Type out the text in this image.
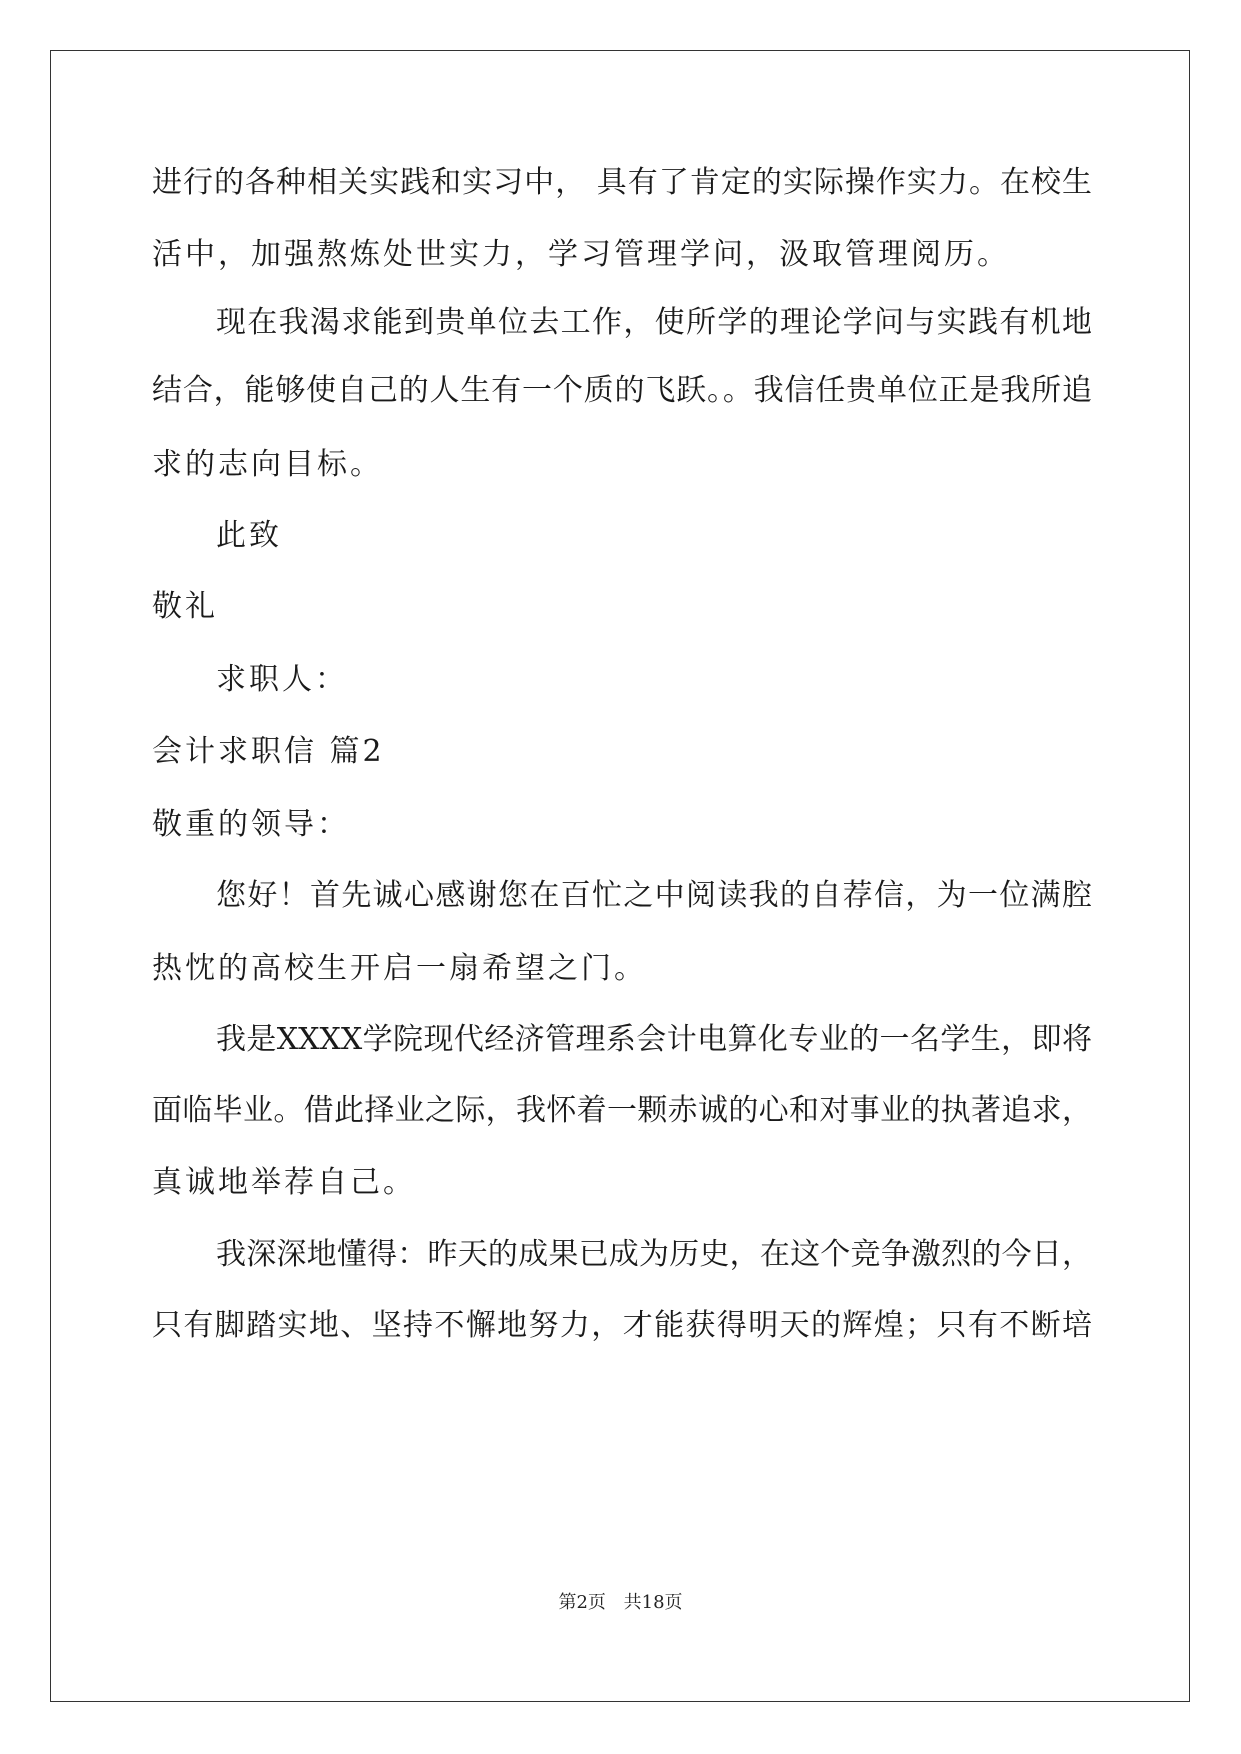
进行的各种相关实践和实习中， 具有了肯定的实际操作实力。在校生
活中，加强熬炼处世实力，学习管理学问，汲取管理阅历。
现在我渴求能到贵单位去工作，使所学的理论学问与实践有机地
结合，能够使自己的人生有一个质的飞跃。。我信任贵单位正是我所追
求的志向目标。
此致
敬礼
求职人：
会计求职信 篇2
敬重的领导：
您好！首先诚心感谢您在百忙之中阅读我的自荐信，为一位满腔
热忱的高校生开启一扇希望之门。
我是XXXX学院现代经济管理系会计电算化专业的一名学生，即将
面临毕业。借此择业之际，我怀着一颗赤诚的心和对事业的执著追求，
真诚地举荐自己。
我深深地懂得：昨天的成果已成为历史，在这个竞争激烈的今日，
只有脚踏实地、坚持不懈地努力，才能获得明天的辉煌；只有不断培
第2页 共18页
